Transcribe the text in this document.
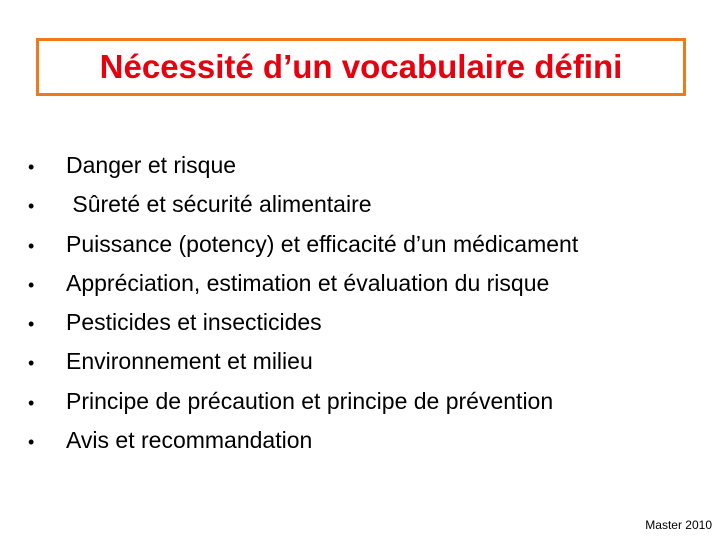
Nécessité d’un vocabulaire défini
•	Danger et risque
•	Sûreté et sécurité alimentaire
•	Puissance (potency) et efficacité d’un médicament
•	Appréciation, estimation et évaluation du risque
•	Pesticides et insecticides
•	Environnement et milieu
•	Principe de précaution et principe de prévention
•	Avis et recommandation
Master 2010
